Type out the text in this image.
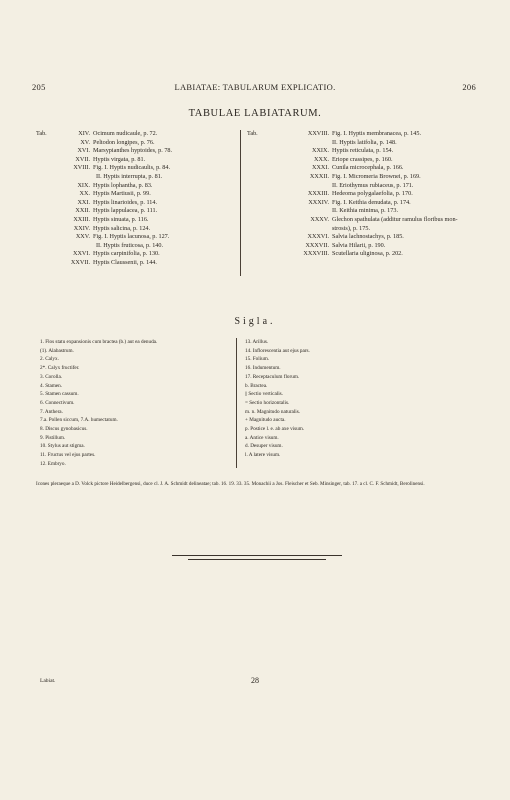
205	LABIATAE: TABULARUM EXPLICATIO.	206
TABULAE LABIATARUM.
Tab.	XIV. Ocimum nudicaule, p. 72.
XV. Peltodon longipes, p. 76.
XVI. Marsypianthes hyptoides, p. 78.
XVII. Hyptis virgata, p. 81.
XVIII. Fig. I. Hyptis nudicaulis, p. 84.
II. Hyptis interrupta, p. 81.
XIX. Hyptis lophantha, p. 83.
XX. Hyptis Martiusii, p. 99.
XXI. Hyptis linarioides, p. 114.
XXII. Hyptis lappulacea, p. 111.
XXIII. Hyptis sinuata, p. 116.
XXIV. Hyptis salicina, p. 124.
XXV. Fig. I. Hyptis lacunosa, p. 127.
II. Hyptis fruticosa, p. 140.
XXVI. Hyptis carpinifolia, p. 130.
XXVII. Hyptis Claussenii, p. 144.
Tab.	XXVIII. Fig. I. Hyptis membranacea, p. 145.
II. Hyptis latifolia, p. 148.
XXIX. Hyptis reticulata, p. 154.
XXX. Eriope crassipes, p. 160.
XXXI. Cunila microcephala, p. 166.
XXXII. Fig. I. Micromeria Brownei, p. 169.
II. Eriothymus rubiaceus, p. 171.
XXXIII. Hedeoma polygalaefolia, p. 170.
XXXIV. Fig. I. Keithia denudata, p. 174.
II. Keithia minima, p. 173.
XXXV. Glechon spathulata (additur ramulus floribus mon-
strosis), p. 175.
XXXVI. Salvia lachnostachys, p. 185.
XXXVII. Salvia Hilarii, p. 190.
XXXVIII. Scutellaria uliginosa, p. 202.
Sigla.
1. Flos statu expansionis cum bractea (b.) aut ea denuda.
(1). Alabastrum.
2. Calyx.
2*. Calyx fructifer.
3. Corolla.
4. Stamen.
5. Stamen cassum.
6. Connectivum.
7. Anthera.
7.a. Pollen siccum, 7.A. humectatum.
8. Discus gynobasicus.
9. Pistillum.
10. Stylus aut stigma.
11. Fructus vel ejus partes.
12. Embryo.
13. Arillus.
14. Inflorescentia aut ejus pars.
15. Folium.
16. Indumentum.
17. Receptaculum florum.
b. Bractea.
|| Sectio verticalis.
= Sectio horizontalis.
m. n. Magnitudo naturalis.
+ Magnitudo aucta.
p. Postice l. e. ab axe visum.
a. Antice visum.
d. Desuper visum.
l. A latere visum.
Icones pleraeque a D. Volck pictore Heidelbergensi, duce cl. J. A. Schmidt delineatae; tab. 16. 19. 33. 35. Monachii a Jos. Fleischer et Seb. Minsinger, tab. 17. a cl. C. F. Schmidt, Berolinensi.
Labiat.	28
